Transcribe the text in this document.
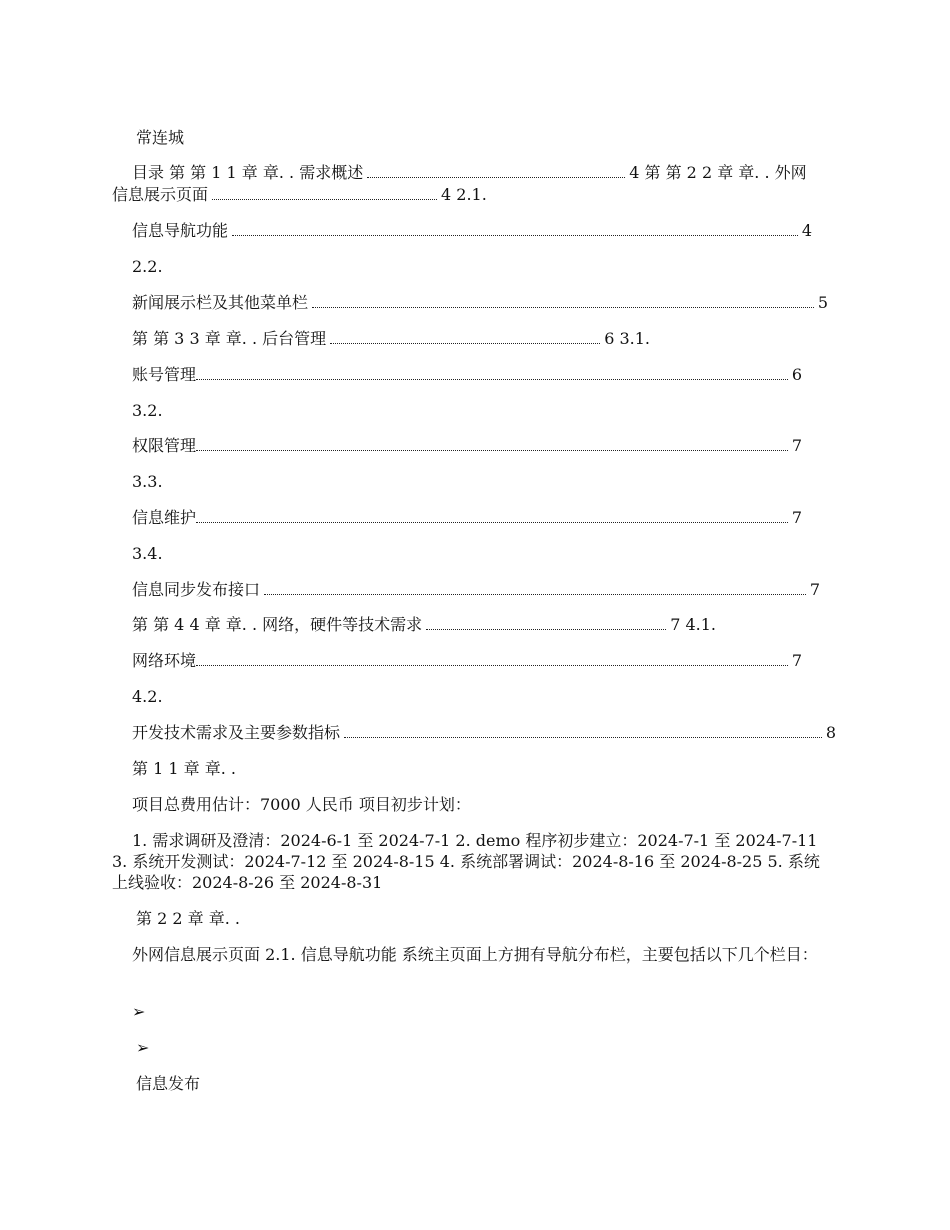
常连城
目录 第 第 1 1 章 章. . 需求概述	4 第 第 2 2 章 章. . 外网
信息展示页面	4 2.1.
信息导航功能	4
2.2.
新闻展示栏及其他菜单栏	5
第 第 3 3 章 章. . 后台管理	6 3.1.
账号管理	6
3.2.
权限管理	7
3.3.
信息维护	7
3.4.
信息同步发布接口	7
第 第 4 4 章 章. . 网络，硬件等技术需求	7 4.1.
网络环境	7
4.2.
开发技术需求及主要参数指标	8
第 1 1 章 章. .
项目总费用估计：7000 人民币 项目初步计划：
1. 需求调研及澄清：2024-6-1 至 2024-7-1 2. demo 程序初步建立：2024-7-1 至 2024-7-11 3. 系统开发测试：2024-7-12 至 2024-8-15 4. 系统部署调试：2024-8-16 至 2024-8-25 5. 系统上线验收：2024-8-26 至 2024-8-31
第 2 2 章 章. .
外网信息展示页面 2.1. 信息导航功能 系统主页面上方拥有导航分布栏，主要包括以下几个栏目：
➢
➢
信息发布
